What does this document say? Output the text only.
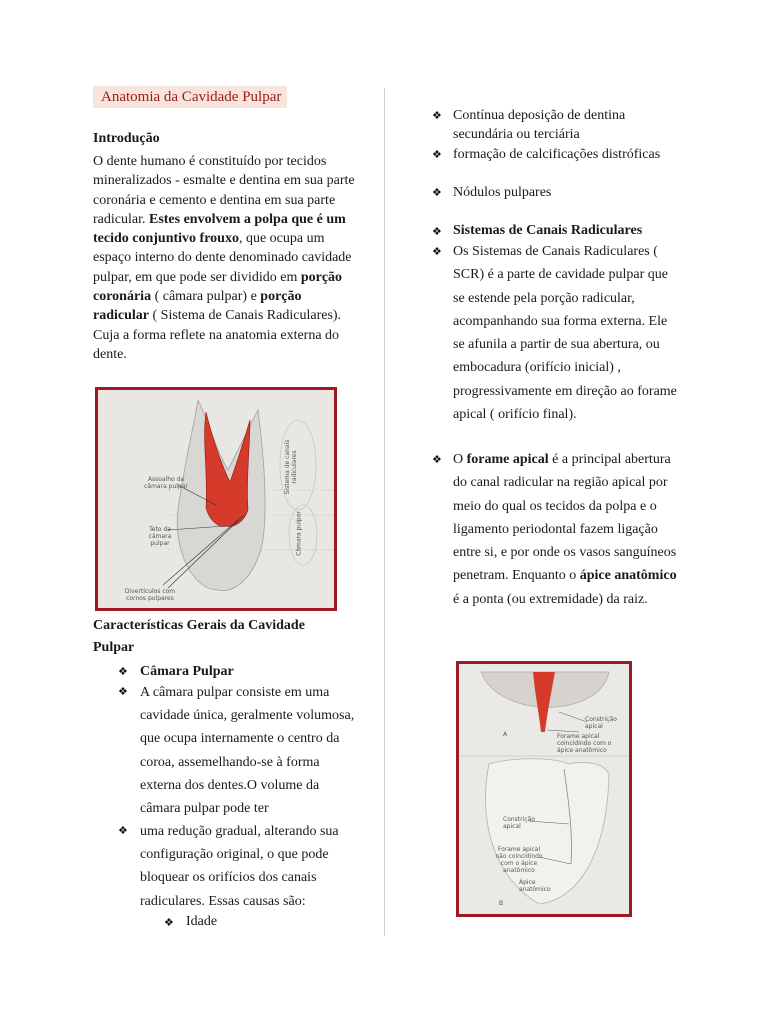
Anatomia da Cavidade Pulpar
Introdução
O dente humano é constituído por tecidos mineralizados - esmalte e dentina em sua parte coronária e cemento e dentina em sua parte radicular. Estes envolvem a polpa que é um tecido conjuntivo frouxo, que ocupa um espaço interno do dente denominado cavidade pulpar, em que pode ser dividido em porção coronária ( câmara pulpar) e porção radicular ( Sistema de Canais Radiculares). Cuja a forma reflete na anatomia externa do dente.
Assoalho da câmara pulpar
Teto da câmara pulpar
Divertículos com cornos pulpares
Sistema de canais radiculares
Câmara pulpar
Características Gerais da Cavidade Pulpar
❖ Câmara Pulpar
❖ A câmara pulpar consiste em uma cavidade única, geralmente volumosa, que ocupa internamente o centro da coroa, assemelhando-se à forma externa dos dentes.O volume da câmara pulpar pode ter
❖ uma redução gradual, alterando sua configuração original, o que pode bloquear os orifícios dos canais radiculares. Essas causas são:
❖ Idade
❖ Contínua deposição de dentina secundária ou terciária
❖ formação de calcificações distróficas
❖ Nódulos pulpares
❖ Sistemas de Canais Radiculares
❖ Os Sistemas de Canais Radiculares ( SCR) é a parte de cavidade pulpar que se estende pela porção radicular, acompanhando sua forma externa. Ele se afunila a partir de sua abertura, ou embocadura (orifício inicial) , progressivamente em direção ao forame apical ( orifício final).
❖ O forame apical é a principal abertura do canal radicular na região apical por meio do qual os tecidos da polpa e o ligamento periodontal fazem ligação entre si, e por onde os vasos sanguíneos penetram. Enquanto o ápice anatômico é a ponta (ou extremidade) da raiz.
A
Constrição apical
Forame apical coincidindo com o ápice anatômico
Constrição apical
Forame apical não coincidindo com o ápice anatômico
Ápice anatômico
B
